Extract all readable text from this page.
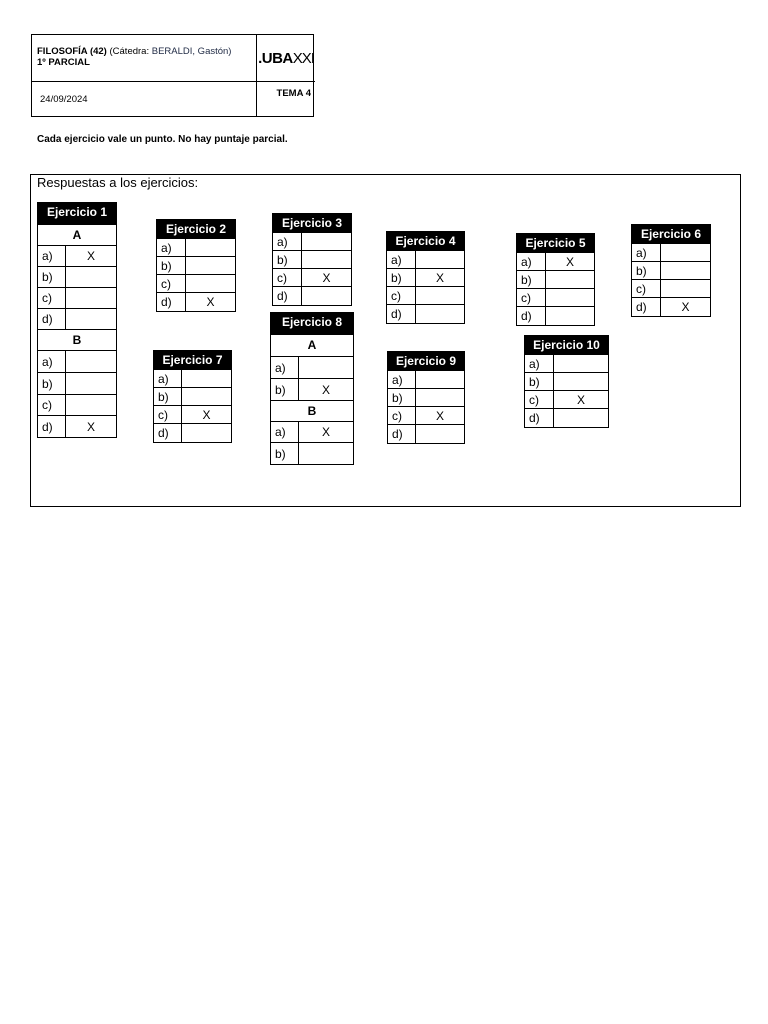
FILOSOFÍA (42) (Cátedra: BERALDI, Gastón)
1º PARCIAL	.UBAXXI
24/09/2024
TEMA 4
Cada ejercicio vale un punto. No hay puntaje parcial.
Respuestas a los ejercicios:
Ejercicio 1
A
a)	X
b)
c)
d)
B
a)
b)
c)
d)	X
Ejercicio 2
a)
b)
c)
d)	X
Ejercicio 3
a)
b)
c)	X
d)
Ejercicio 4
a)
b)	X
c)
d)
Ejercicio 5
a)	X
b)
c)
d)
Ejercicio 6
a)
b)
c)
d)	X
Ejercicio 7
a)
b)
c)	X
d)
Ejercicio 8
A
a)
b)	X
B
a)	X
b)
Ejercicio 9
a)
b)
c)	X
d)
Ejercicio 10
a)
b)
c)	X
d)
